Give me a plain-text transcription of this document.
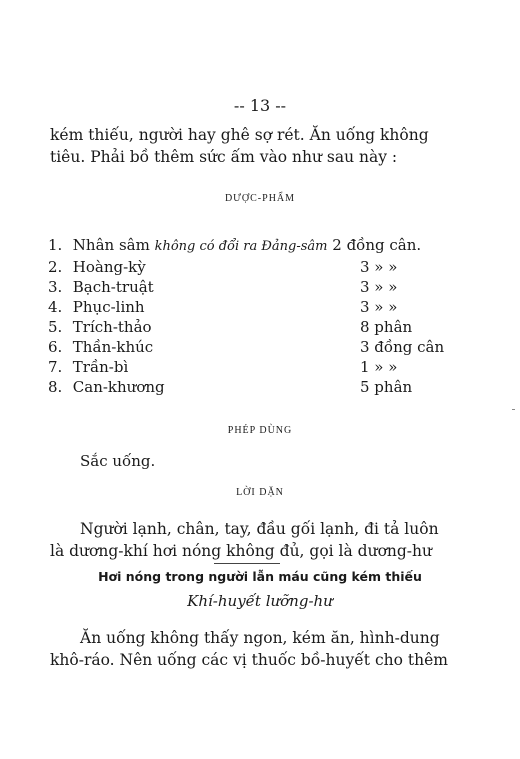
-- 13 --
kém thiếu, người hay ghê sợ rét. Ăn uống không
tiêu. Phải bồ thêm sức ấm vào như sau này :
DƯỢC-PHẨM
1. Nhân sâm không có đổi ra Đảng-sâm 2 đồng cân.
2. Hoàng-kỳ	3 » »
3. Bạch-truật	3 » »
4. Phục-linh	3 » »
5. Trích-thảo	8 phân
6. Thần-khúc	3 đồng cân
7. Trần-bì	1 » »
8. Can-khương	5 phân
PHÉP DÙNG
Sắc uống.
LỜI DẶN
Người lạnh, chân, tay, đầu gối lạnh, đi tả luôn
là dương-khí hơi nóng không đủ, gọi là dương-hư
Hơi nóng trong người lẫn máu cũng kém thiếu
Khí-huyết lưỡng-hư
Ăn uống không thấy ngon, kém ăn, hình-dung
khô-ráo. Nên uống các vị thuốc bồ-huyết cho thêm
